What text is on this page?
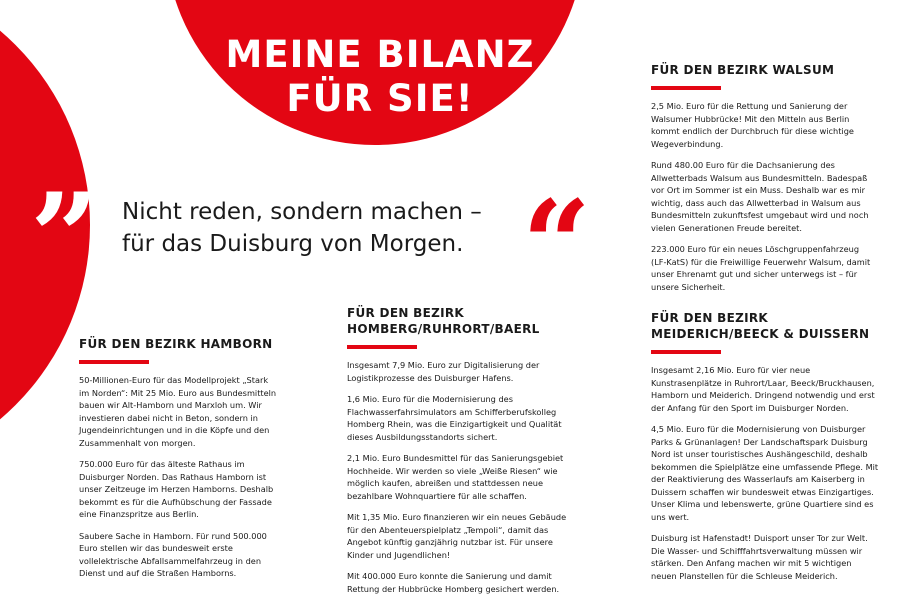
MEINE BILANZ
FÜR SIE!
” Nicht reden, sondern machen –
für das Duisburg von Morgen. “
FÜR DEN BEZIRK WALSUM

2,5 Mio. Euro für die Rettung und Sanierung der Walsumer Hubbrücke! Mit den Mitteln aus Berlin kommt endlich der Durchbruch für diese wichtige Wegeverbindung.

Rund 480.00 Euro für die Dachsanierung des Allwetterbads Walsum aus Bundesmitteln. Badespaß vor Ort im Sommer ist ein Muss. Deshalb war es mir wichtig, dass auch das Allwetterbad in Walsum aus Bundesmitteln zukunftsfest umgebaut wird und noch vielen Generationen Freude bereitet.

223.000 Euro für ein neues Löschgruppenfahrzeug (LF-KatS) für die Freiwillige Feuerwehr Walsum, damit unser Ehrenamt gut und sicher unterwegs ist – für unsere Sicherheit.

FÜR DEN BEZIRK HAMBORN

50-Millionen-Euro für das Modellprojekt „Stark im Norden“: Mit 25 Mio. Euro aus Bundesmitteln bauen wir Alt-Hamborn und Marxloh um. Wir investieren dabei nicht in Beton, sondern in Jugendeinrichtungen und in die Köpfe und den Zusammenhalt von morgen.

750.000 Euro für das älteste Rathaus im Duisburger Norden. Das Rathaus Hamborn ist unser Zeitzeuge im Herzen Hamborns. Deshalb bekommt es für die Aufhübschung der Fassade eine Finanzspritze aus Berlin.

Saubere Sache in Hamborn. Für rund 500.000 Euro stellen wir das bundesweit erste vollelektrische Abfallsammelfahrzeug in den Dienst und auf die Straßen Hamborns.

FÜR DEN BEZIRK
HOMBERG/RUHRORT/BAERL

Insgesamt 7,9 Mio. Euro zur Digitalisierung der Logistikprozesse des Duisburger Hafens.

1,6 Mio. Euro für die Modernisierung des Flachwasserfahrsimulators am Schifferberufskolleg Homberg Rhein, was die Einzigartigkeit und Qualität dieses Ausbildungsstandorts sichert.

2,1 Mio. Euro Bundesmittel für das Sanierungsgebiet Hochheide. Wir werden so viele „Weiße Riesen“ wie möglich kaufen, abreißen und stattdessen neue bezahlbare Wohnquartiere für alle schaffen.

Mit 1,35 Mio. Euro finanzieren wir ein neues Gebäude für den Abenteuerspielplatz „Tempoli“, damit das Angebot künftig ganzjährig nutzbar ist. Für unsere Kinder und Jugendlichen!

Mit 400.000 Euro konnte die Sanierung und damit Rettung der Hubbrücke Homberg gesichert werden.

FÜR DEN BEZIRK
MEIDERICH/BEECK & DUISSERN

Insgesamt 2,16 Mio. Euro für vier neue Kunstrasenplätze in Ruhrort/Laar, Beeck/Bruckhausen, Hamborn und Meiderich. Dringend notwendig und erst der Anfang für den Sport im Duisburger Norden.

4,5 Mio. Euro für die Modernisierung von Duisburger Parks & Grünanlagen! Der Landschaftspark Duisburg Nord ist unser touristisches Aushängeschild, deshalb bekommen die Spielplätze eine umfassende Pflege. Mit der Reaktivierung des Wasserlaufs am Kaiserberg in Duissern schaffen wir bundesweit etwas Einzigartiges. Unser Klima und lebenswerte, grüne Quartiere sind es uns wert.

Duisburg ist Hafenstadt! Duisport unser Tor zur Welt. Die Wasser- und Schifffahrtsverwaltung müssen wir stärken. Den Anfang machen wir mit 5 wichtigen neuen Planstellen für die Schleuse Meiderich.
